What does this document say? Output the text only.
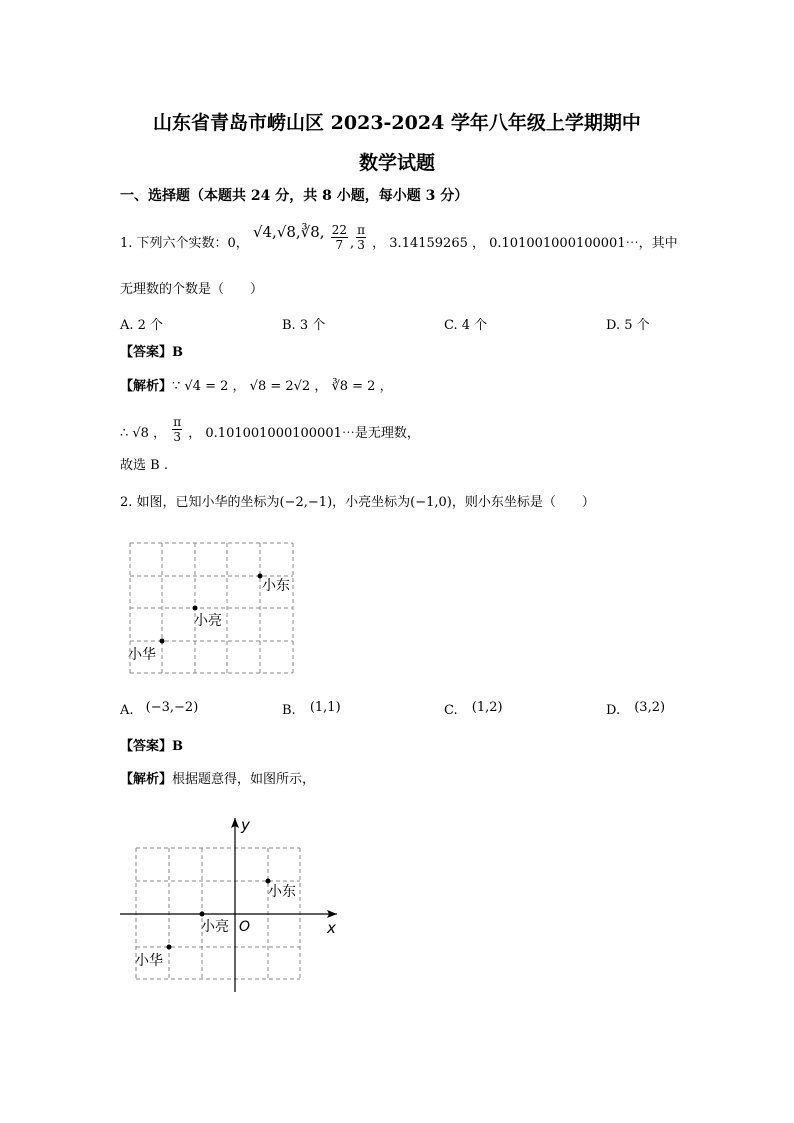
山东省青岛市崂山区 2023-2024 学年八年级上学期期中
数学试题
一、选择题（本题共 24 分，共 8 小题，每小题 3 分）
1. 下列六个实数：0， √4,√8,∛8, $\frac{22}{7}$ , $\frac{\pi}{3}$ ， 3.14159265 ， 0.101001000100001⋯，其中
无理数的个数是（　　）
A. 2 个	B. 3 个	C. 4 个	D. 5 个
【答案】B
【解析】∵ √4 = 2 ， √8 = 2√2 ， ∛8 = 2 ，
∴ √8 ， $\frac{\pi}{3}$ ， 0.101001000100001⋯是无理数，
故选 B .
2. 如图，已知小华的坐标为(−2,−1)，小亮坐标为(−1,0)，则小东坐标是（　　）
小东
小亮
小华
A. (−3,−2)	B. (1,1)	C. (1,2)	D. (3,2)
【答案】B
【解析】根据题意得，如图所示，
小东
小亮
小华
O	x
y
